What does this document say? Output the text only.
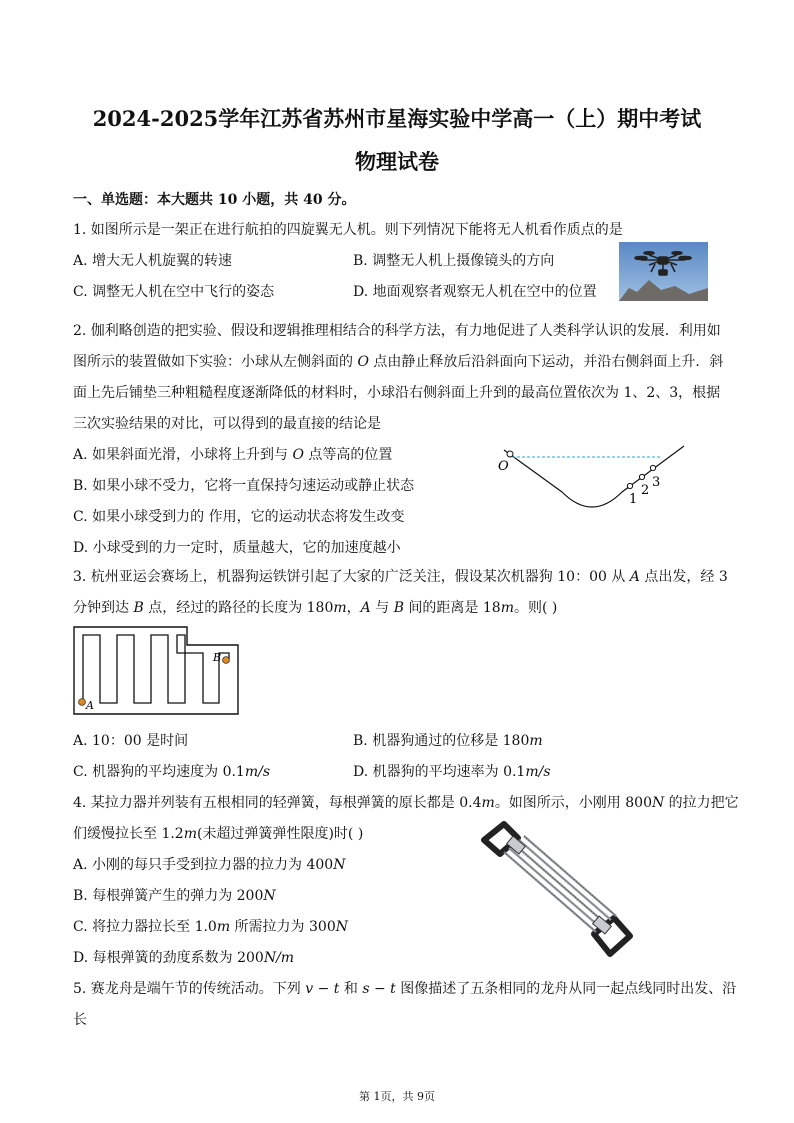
2024-2025学年江苏省苏州市星海实验中学高一（上）期中考试
物理试卷
一、单选题：本大题共 10 小题，共 40 分。
1. 如图所示是一架正在进行航拍的四旋翼无人机。则下列情况下能将无人机看作质点的是
A. 增大无人机旋翼的转速	B. 调整无人机上摄像镜头的方向
C. 调整无人机在空中飞行的姿态	D. 地面观察者观察无人机在空中的位置
2. 伽利略创造的把实验、假设和逻辑推理相结合的科学方法，有力地促进了人类科学认识的发展．利用如
图所示的装置做如下实验：小球从左侧斜面的 O 点由静止释放后沿斜面向下运动，并沿右侧斜面上升．斜
面上先后铺垫三种粗糙程度逐渐降低的材料时，小球沿右侧斜面上升到的最高位置依次为 1、2、3，根据
三次实验结果的对比，可以得到的最直接的结论是
A. 如果斜面光滑，小球将上升到与 O 点等高的位置
B. 如果小球不受力，它将一直保持匀速运动或静止状态
C. 如果小球受到力的 作用，它的运动状态将发生改变
D. 小球受到的力一定时，质量越大，它的加速度越小
O
1
2
3
3. 杭州亚运会赛场上，机器狗运铁饼引起了大家的广泛关注，假设某次机器狗 10：00 从 A 点出发，经 3
分钟到达 B 点，经过的路径的长度为 180m，A 与 B 间的距离是 18m。则( )
A
B
A. 10：00 是时间	B. 机器狗通过的位移是 180m
C. 机器狗的平均速度为 0.1m/s	D. 机器狗的平均速率为 0.1m/s
4. 某拉力器并列装有五根相同的轻弹簧，每根弹簧的原长都是 0.4m。如图所示，小刚用 800N 的拉力把它
们缓慢拉长至 1.2m(未超过弹簧弹性限度)时( )
A. 小刚的每只手受到拉力器的拉力为 400N
B. 每根弹簧产生的弹力为 200N
C. 将拉力器拉长至 1.0m 所需拉力为 300N
D. 每根弹簧的劲度系数为 200N/m
5. 赛龙舟是端午节的传统活动。下列 v − t 和 s − t 图像描述了五条相同的龙舟从同一起点线同时出发、沿
长
第 1页，共 9页
